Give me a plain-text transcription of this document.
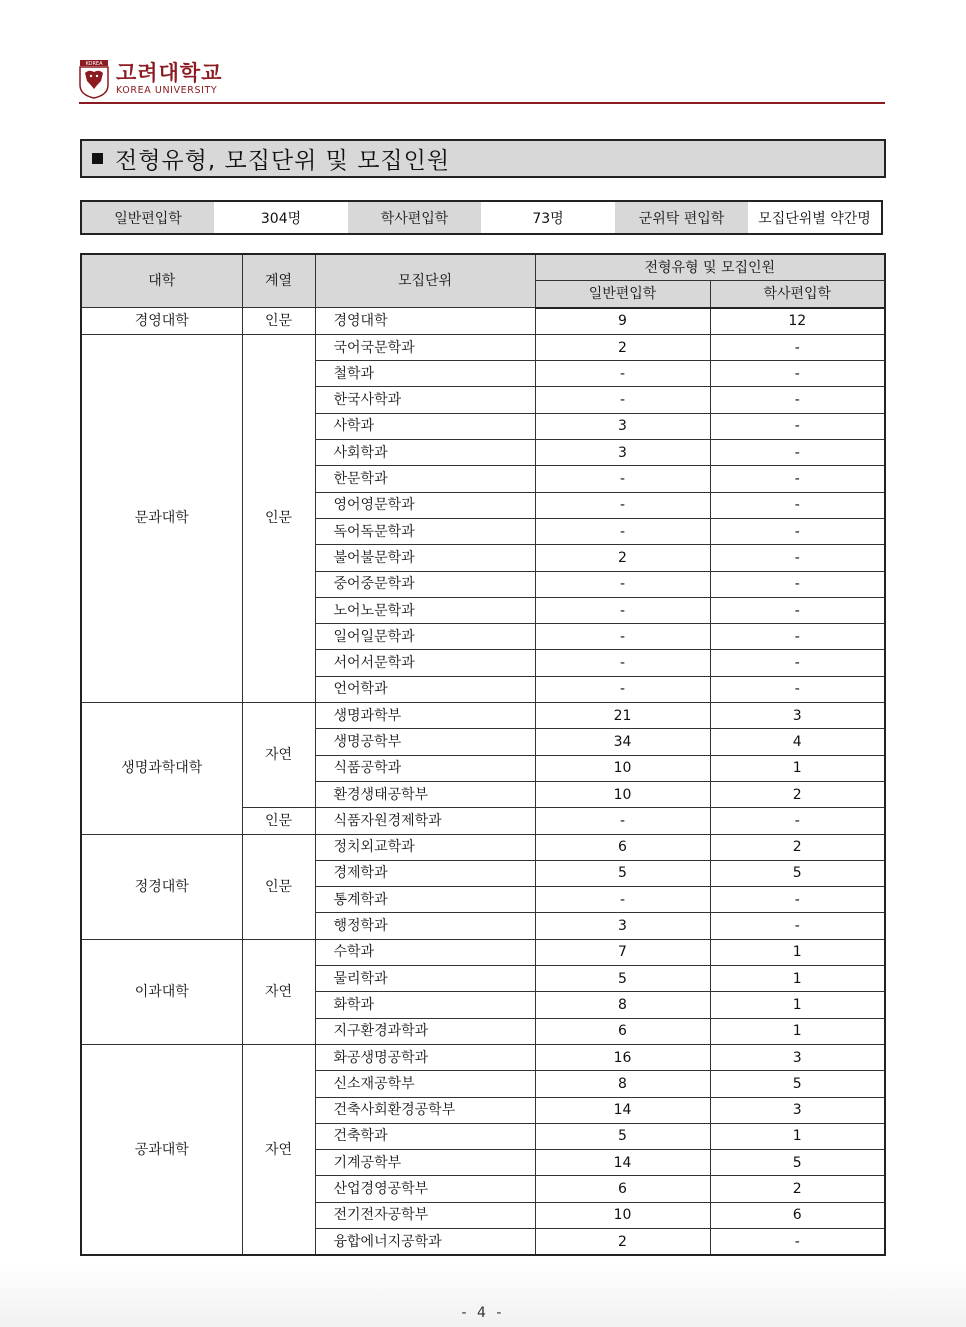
KOREA 고려대학교
KOREA UNIVERSITY
전형유형, 모집단위 및 모집인원
일반편입학	304명	학사편입학	73명	군위탁 편입학	모집단위별 약간명
대학	계열	모집단위	전형유형 및 모집인원	
			일반편입학	학사편입학
경영대학	인문	경영대학	9	12
문과대학	인문	국어국문학과	2	-
		철학과	-	-
		한국사학과	-	-
		사학과	3	-
		사회학과	3	-
		한문학과	-	-
		영어영문학과	-	-
		독어독문학과	-	-
		불어불문학과	2	-
		중어중문학과	-	-
		노어노문학과	-	-
		일어일문학과	-	-
		서어서문학과	-	-
		언어학과	-	-
생명과학대학	자연	생명과학부	21	3
		생명공학부	34	4
		식품공학과	10	1
		환경생태공학부	10	2
	인문	식품자원경제학과	-	-
정경대학	인문	정치외교학과	6	2
		경제학과	5	5
		통계학과	-	-
		행정학과	3	-
이과대학	자연	수학과	7	1
		물리학과	5	1
		화학과	8	1
		지구환경과학과	6	1
공과대학	자연	화공생명공학과	16	3
		신소재공학부	8	5
		건축사회환경공학부	14	3
		건축학과	5	1
		기계공학부	14	5
		산업경영공학부	6	2
		전기전자공학부	10	6
		융합에너지공학과	2	-
- 4 -
